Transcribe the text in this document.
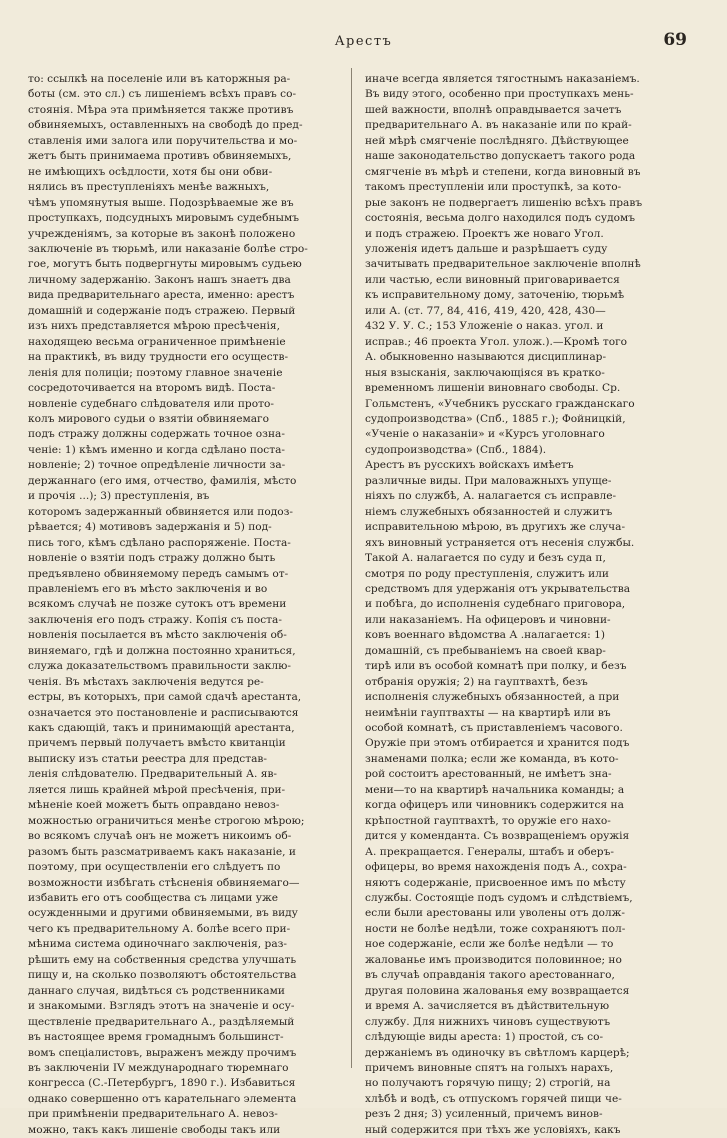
Арестъ	69
то: ссылкѣ на поселеніе или въ каторжныя ра-
боты (см. это сл.) съ лишеніемъ всѣхъ правъ со-
стоянія. Мѣра эта примѣняется также противъ
обвиняемыхъ, оставленныхъ на свободѣ до пред-
ставленія ими залога или поручительства и мо-
жетъ быть принимаема противъ обвиняемыхъ,
не имѣющихъ осѣдлости, хотя бы они обви-
нялись въ преступленіяхъ менѣе важныхъ,
чѣмъ упомянутыя выше. Подозрѣваемые же въ
проступкахъ, подсудныхъ мировымъ судебнымъ
учрежденіямъ, за которые въ законѣ положено
заключеніе въ тюрьмѣ, или наказаніе болѣе стро-
гое, могутъ быть подвергнуты мировымъ судьею
личному задержанію. Законъ нашъ знаетъ два
вида предварительнаго ареста, именно: арестъ
домашній и содержаніе подъ стражею. Первый
изъ нихъ представляется мѣрою пресѣченія,
находящею весьма ограниченное примѣненіе
на практикѣ, въ виду трудности его осуществ-
ленія для полиціи; поэтому главное значеніе
сосредоточивается на второмъ видѣ. Поста-
новленіе судебнаго слѣдователя или прото-
колъ мирового судьи о взятіи обвиняемаго
подъ стражу должны содержать точное озна-
ченіе: 1) кѣмъ именно и когда сдѣлано поста-
новленіе; 2) точное опредѣленіе личности за-
держаннаго (его имя, отчество, фамилія, мѣсто
и прочія ...); 3) преступленія, въ
которомъ задержанный обвиняется или подоз-
рѣвается; 4) мотивовъ задержанія и 5) под-
пись того, кѣмъ сдѣлано распоряженіе. Поста-
новленіе о взятіи подъ стражу должно быть
предъявлено обвиняемому передъ самымъ от-
правленіемъ его въ мѣсто заключенія и во
всякомъ случаѣ не позже сутокъ отъ времени
заключенія его подъ стражу. Копія съ поста-
новленія посылается въ мѣсто заключенія об-
виняемаго, гдѣ и должна постоянно храниться,
служа доказательствомъ правильности заклю-
ченія. Въ мѣстахъ заключенія ведутся ре-
естры, въ которыхъ, при самой сдачѣ арестанта,
означается это постановленіе и расписываются
какъ сдающій, такъ и принимающій арестанта,
причемъ первый получаетъ вмѣсто квитанціи
выписку изъ статьи реестра для представ-
ленія слѣдователю. Предварительный А. яв-
ляется лишь крайней мѣрой пресѣченія, при-
мѣненіе коей можетъ быть оправдано невоз-
можностью ограничиться менѣе строгою мѣрою;
во всякомъ случаѣ онъ не можетъ никоимъ об-
разомъ быть разсматриваемъ какъ наказаніе, и
поэтому, при осуществленіи его слѣдуетъ по
возможности избѣгать стѣсненія обвиняемаго—
избавить его отъ сообщества съ лицами уже
осужденными и другими обвиняемыми, въ виду
чего къ предварительному А. болѣе всего при-
мѣнима система одиночнаго заключенія, раз-
рѣшить ему на собственныя средства улучшать
пищу и, на сколько позволяютъ обстоятельства
даннаго случая, видѣться съ родственниками
и знакомыми. Взглядъ этотъ на значеніе и осу-
ществленіе предварительнаго А., раздѣляемый
въ настоящее время громаднымъ большинст-
вомъ спеціалистовъ, выраженъ между прочимъ
въ заключеніи IV международнаго тюремнаго
конгресса (С.-Петербургъ, 1890 г.). Избавиться
однако совершенно отъ карательнаго элемента
при примѣненіи предварительнаго А. невоз-
можно, такъ какъ лишеніе свободы такъ или
иначе всегда является тягостнымъ наказаніемъ.
Въ виду этого, особенно при проступкахъ мень-
шей важности, вполнѣ оправдывается зачетъ
предварительнаго А. въ наказаніе или по край-
ней мѣрѣ смягченіе послѣдняго. Дѣйствующее
наше законодательство допускаетъ такого рода
смягченіе въ мѣрѣ и степени, когда виновный въ
такомъ преступленіи или проступкѣ, за кото-
рые законъ не подвергаетъ лишенію всѣхъ правъ
состоянія, весьма долго находился подъ судомъ
и подъ стражею. Проектъ же новаго Угол.
уложенія идетъ дальше и разрѣшаетъ суду
зачитывать предварительное заключеніе вполнѣ
или частью, если виновный приговаривается
къ исправительному дому, заточенію, тюрьмѣ
или А. (ст. 77, 84, 416, 419, 420, 428, 430—
432 У. У. С.; 153 Уложеніе о наказ. угол. и
исправ.; 46 проекта Угол. улож.).—Кромѣ того
А. обыкновенно называются дисциплинар-
ныя взысканія, заключающіяся въ кратко-
временномъ лишеніи виновнаго свободы. Ср.
Гольмстенъ, «Учебникъ русскаго гражданскаго
судопроизводства» (Спб., 1885 г.); Фойницкій,
«Ученіе о наказаніи» и «Курсъ уголовнаго
судопроизводства» (Спб., 1884).
Арестъ въ русскихъ войскахъ имѣетъ
различные виды. При маловажныхъ упуще-
ніяхъ по службѣ, А. налагается съ исправле-
ніемъ служебныхъ обязанностей и служитъ
исправительною мѣрою, въ другихъ же случа-
яхъ виновный устраняется отъ несенія службы.
Такой А. налагается по суду и безъ суда п,
смотря по роду преступленія, служитъ или
средствомъ для удержанія отъ укрывательства
и побѣга, до исполненія судебнаго приговора,
или наказаніемъ. На офицеровъ и чиновни-
ковъ военнаго вѣдомства А .налагается: 1)
домашній, съ пребываніемъ на своей квар-
тирѣ или въ особой комнатѣ при полку, и безъ
отбранія оружія; 2) на гауптвахтѣ, безъ
исполненія служебныхъ обязанностей, а при
неимѣніи гауптвахты — на квартирѣ или въ
особой комнатѣ, съ приставленіемъ часового.
Оружіе при этомъ отбирается и хранится подъ
знаменами полка; если же команда, въ кото-
рой состоитъ арестованный, не имѣетъ зна-
мени—то на квартирѣ начальника команды; а
когда офицеръ или чиновникъ содержится на
крѣпостной гауптвахтѣ, то оружіе его нахо-
дится у коменданта. Съ возвращеніемъ оружія
А. прекращается. Генералы, штабъ и оберъ-
офицеры, во время нахожденія подъ А., сохра-
няютъ содержаніе, присвоенное имъ по мѣсту
службы. Состоящіе подъ судомъ и слѣдствіемъ,
если были арестованы или уволены отъ долж-
ности не болѣе недѣли, тоже сохраняютъ пол-
ное содержаніе, если же болѣе недѣли — то
жалованье имъ производится половинное; но
въ случаѣ оправданія такого арестованнаго,
другая половина жалованья ему возвращается
и время А. зачисляется въ дѣйствительную
службу. Для нижнихъ чиновъ существуютъ
слѣдующіе виды ареста: 1) простой, съ со-
держаніемъ въ одиночку въ свѣтломъ карцерѣ;
причемъ виновные спятъ на голыхъ нарахъ,
но получаютъ горячую пищу; 2) строгій, на
хлѣбѣ и водѣ, съ отпускомъ горячей пищи че-
резъ 2 дня; 3) усиленный, причемъ винов-
ный содержится при тѣхъ же условіяхъ, какъ
